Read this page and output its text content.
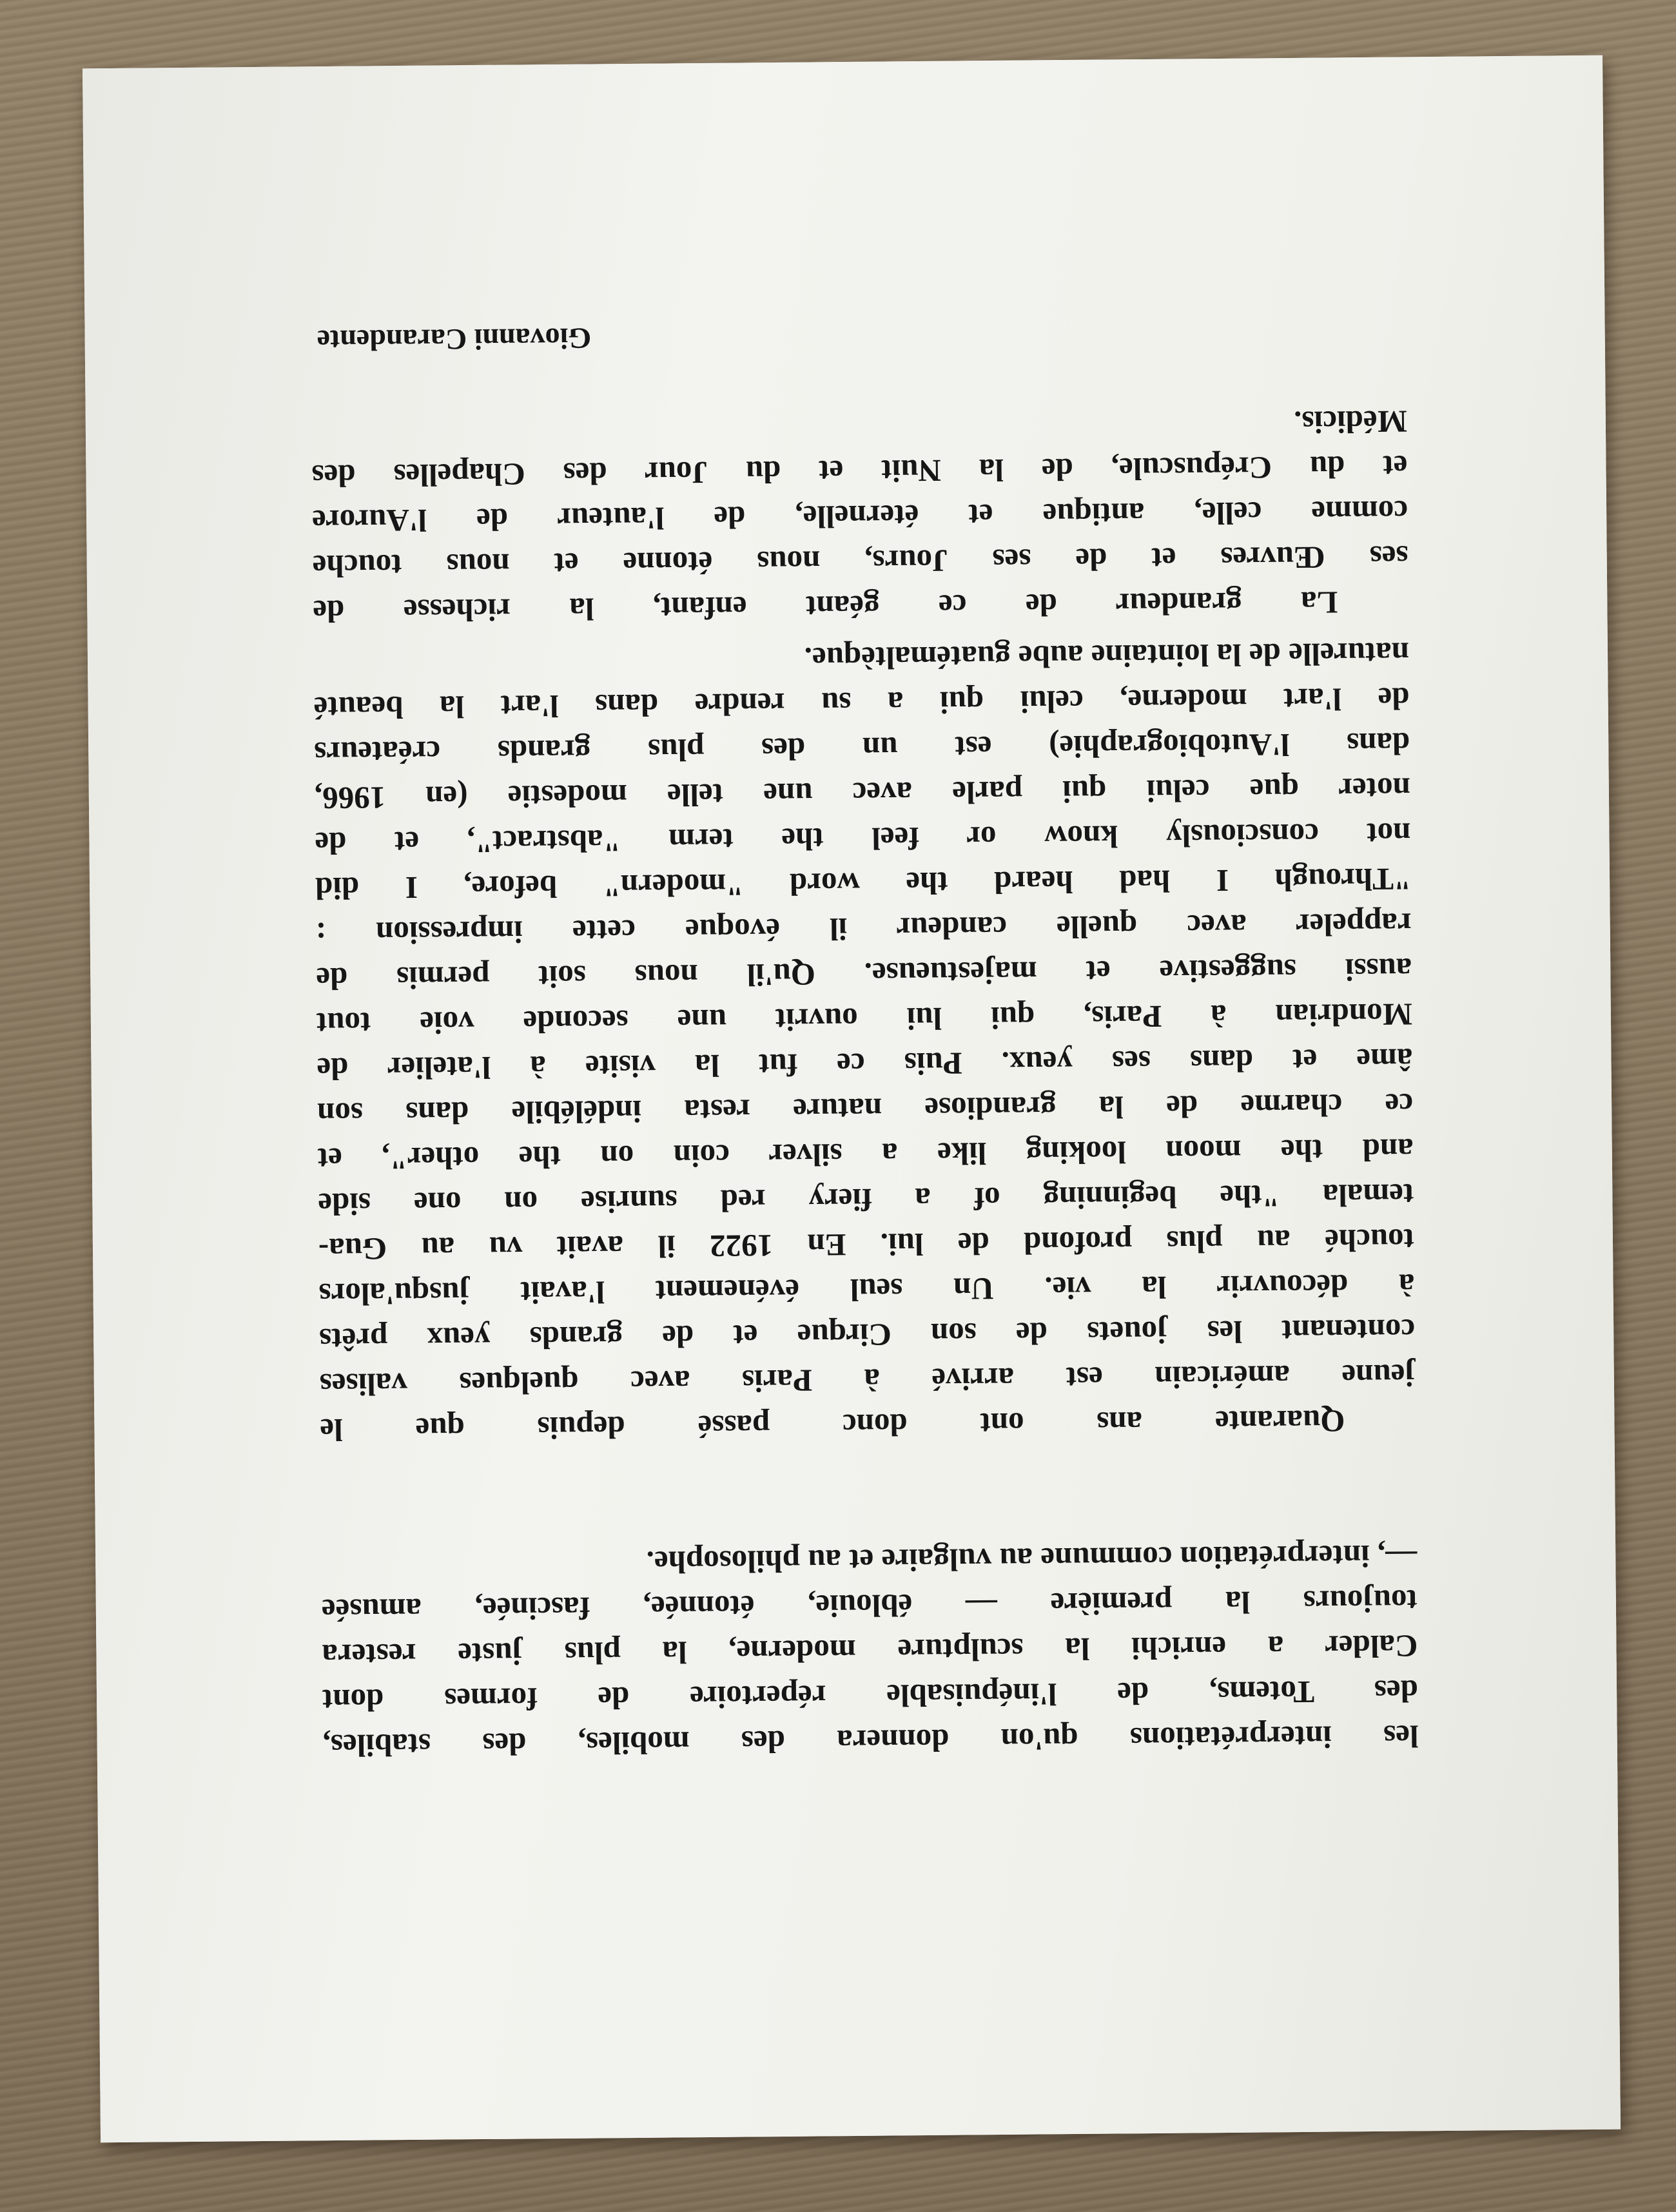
les interprétations qu'on donnera des mobiles, des stabiles,
des Totems, de l'inépuisable répertoire de formes dont
Calder a enrichi la sculpture moderne, la plus juste restera
toujours la première — éblouie, étonnée, fascinée, amusée
—, interprétation commune au vulgaire et au philosophe.
Quarante ans ont donc passé depuis que le
jeune américain est arrivé à Paris avec quelques valises
contenant les jouets de son Cirque et de grands yeux prêts
à découvrir la vie. Un seul événement l'avait jusqu'alors
touché au plus profond de lui. En 1922 il avait vu au Gua-
temala "the beginning of a fiery red sunrise on one side
and the moon looking like a silver coin on the other", et
ce charme de la grandiose nature resta indélébile dans son
âme et dans ses yeux. Puis ce fut la visite à l'atelier de
Mondrian à Paris, qui lui ouvrit une seconde voie tout
aussi suggestive et majestueuse. Qu'il nous soit permis de
rappeler avec quelle candeur il évoque cette impression :
"Through I had heard the word "modern" before, I did
not consciously know or feel the term "abstract", et de
noter que celui qui parle avec une telle modestie (en 1966,
dans l'Autobiographie) est un des plus grands créateurs
de l'art moderne, celui qui a su rendre dans l'art la beauté
naturelle de la lointaine aube guatémaltèque.
La grandeur de ce géant enfant, la richesse de
ses Œuvres et de ses Jours, nous étonne et nous touche
comme celle, antique et éternelle, de l'auteur de l'Aurore
et du Crépuscule, de la Nuit et du Jour des Chapelles des
Médicis.
Giovanni Carandente
